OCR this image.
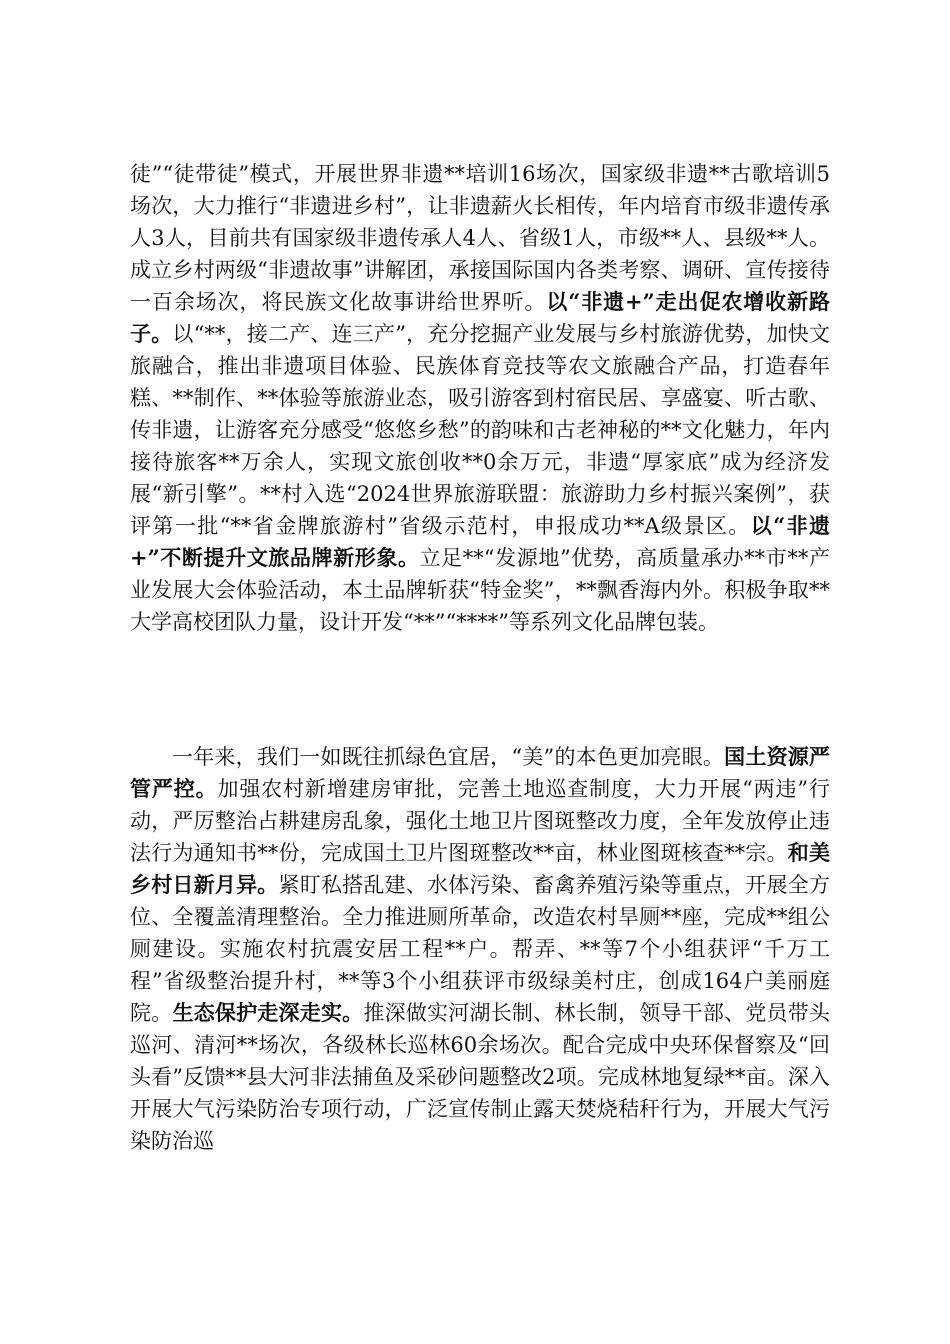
徒”“徒带徒”模式，开展世界非遗**培训16场次，国家级非遗**古歌培训5场次，大力推行“非遗进乡村”，让非遗薪火长相传，年内培育市级非遗传承人3人，目前共有国家级非遗传承人4人、省级1人，市级**人、县级**人。成立乡村两级“非遗故事”讲解团，承接国际国内各类考察、调研、宣传接待一百余场次，将民族文化故事讲给世界听。以“非遗+”走出促农增收新路子。以“**，接二产、连三产”，充分挖掘产业发展与乡村旅游优势，加快文旅融合，推出非遗项目体验、民族体育竞技等农文旅融合产品，打造春年糕、**制作、**体验等旅游业态，吸引游客到村宿民居、享盛宴、听古歌、传非遗，让游客充分感受“悠悠乡愁”的韵味和古老神秘的**文化魅力，年内接待旅客**万余人，实现文旅创收**0余万元，非遗“厚家底”成为经济发展“新引擎”。**村入选“2024世界旅游联盟：旅游助力乡村振兴案例”，获评第一批“**省金牌旅游村”省级示范村，申报成功**A级景区。以“非遗+”不断提升文旅品牌新形象。立足**“发源地”优势，高质量承办**市**产业发展大会体验活动，本土品牌斩获“特金奖”，**飘香海内外。积极争取**大学高校团队力量，设计开发“**”“****”等系列文化品牌包装。
一年来，我们一如既往抓绿色宜居，“美”的本色更加亮眼。国土资源严管严控。加强农村新增建房审批，完善土地巡查制度，大力开展“两违”行动，严厉整治占耕建房乱象，强化土地卫片图斑整改力度，全年发放停止违法行为通知书**份，完成国土卫片图斑整改**亩，林业图斑核查**宗。和美乡村日新月异。紧盯私搭乱建、水体污染、畜禽养殖污染等重点，开展全方位、全覆盖清理整治。全力推进厕所革命，改造农村旱厕**座，完成**组公厕建设。实施农村抗震安居工程**户。帮弄、**等7个小组获评“千万工程”省级整治提升村，**等3个小组获评市级绿美村庄，创成164户美丽庭院。生态保护走深走实。推深做实河湖长制、林长制，领导干部、党员带头巡河、清河**场次，各级林长巡林60余场次。配合完成中央环保督察及“回头看”反馈**县大河非法捕鱼及采砂问题整改2项。完成林地复绿**亩。深入开展大气污染防治专项行动，广泛宣传制止露天焚烧秸秆行为，开展大气污染防治巡
